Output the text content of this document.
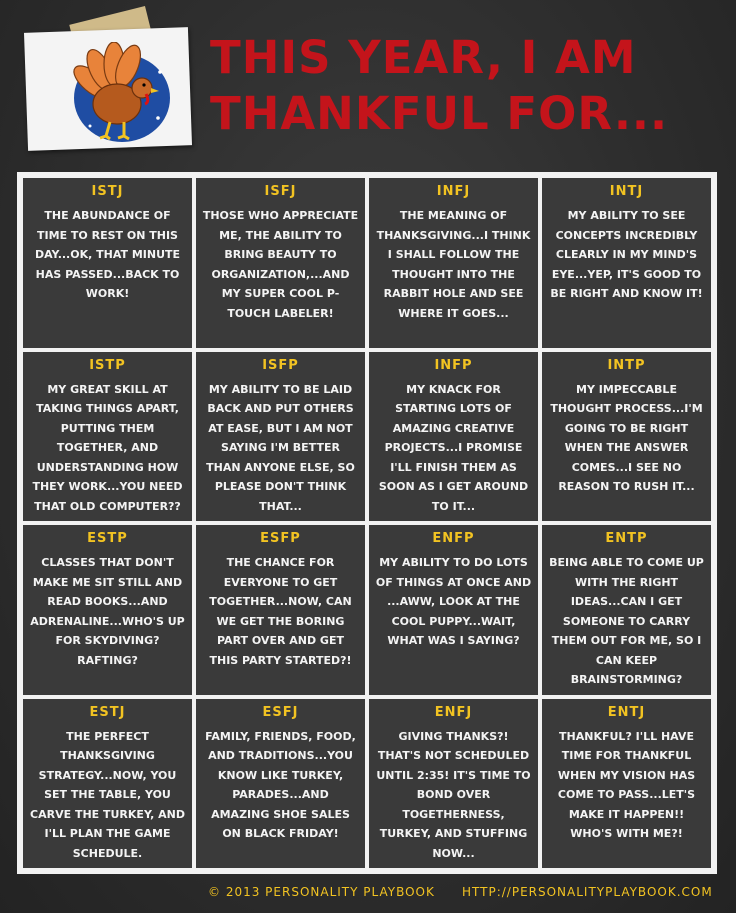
THIS YEAR, I AM
THANKFUL FOR...
ISTJ
THE ABUNDANCE OF TIME TO REST ON THIS DAY...OK, THAT MINUTE HAS PASSED...BACK TO WORK!
ISFJ
THOSE WHO APPRECIATE ME, THE ABILITY TO BRING BEAUTY TO ORGANIZATION,...AND MY SUPER COOL P-TOUCH LABELER!
INFJ
THE MEANING OF THANKSGIVING...I THINK I SHALL FOLLOW THE THOUGHT INTO THE RABBIT HOLE AND SEE WHERE IT GOES...
INTJ
MY ABILITY TO SEE CONCEPTS INCREDIBLY CLEARLY IN MY MIND'S EYE...YEP, IT'S GOOD TO BE RIGHT AND KNOW IT!
ISTP
MY GREAT SKILL AT TAKING THINGS APART, PUTTING THEM TOGETHER, AND UNDERSTANDING HOW THEY WORK...YOU NEED THAT OLD COMPUTER??
ISFP
MY ABILITY TO BE LAID BACK AND PUT OTHERS AT EASE, BUT I AM NOT SAYING I'M BETTER THAN ANYONE ELSE, SO PLEASE DON'T THINK THAT...
INFP
MY KNACK FOR STARTING LOTS OF AMAZING CREATIVE PROJECTS...I PROMISE I'LL FINISH THEM AS SOON AS I GET AROUND TO IT...
INTP
MY IMPECCABLE THOUGHT PROCESS...I'M GOING TO BE RIGHT WHEN THE ANSWER COMES...I SEE NO REASON TO RUSH IT...
ESTP
CLASSES THAT DON'T MAKE ME SIT STILL AND READ BOOKS...AND ADRENALINE...WHO'S UP FOR SKYDIVING? RAFTING?
ESFP
THE CHANCE FOR EVERYONE TO GET TOGETHER...NOW, CAN WE GET THE BORING PART OVER AND GET THIS PARTY STARTED?!
ENFP
MY ABILITY TO DO LOTS OF THINGS AT ONCE AND ...AWW, LOOK AT THE COOL PUPPY...WAIT, WHAT WAS I SAYING?
ENTP
BEING ABLE TO COME UP WITH THE RIGHT IDEAS...CAN I GET SOMEONE TO CARRY THEM OUT FOR ME, SO I CAN KEEP BRAINSTORMING?
ESTJ
THE PERFECT THANKSGIVING STRATEGY...NOW, YOU SET THE TABLE, YOU CARVE THE TURKEY, AND I'LL PLAN THE GAME SCHEDULE.
ESFJ
FAMILY, FRIENDS, FOOD, AND TRADITIONS...YOU KNOW LIKE TURKEY, PARADES...AND AMAZING SHOE SALES ON BLACK FRIDAY!
ENFJ
GIVING THANKS?! THAT'S NOT SCHEDULED UNTIL 2:35! IT'S TIME TO BOND OVER TOGETHERNESS, TURKEY, AND STUFFING NOW...
ENTJ
THANKFUL? I'LL HAVE TIME FOR THANKFUL WHEN MY VISION HAS COME TO PASS...LET'S MAKE IT HAPPEN!! WHO'S WITH ME?!
© 2013 PERSONALITY PLAYBOOK HTTP://PERSONALITYPLAYBOOK.COM
